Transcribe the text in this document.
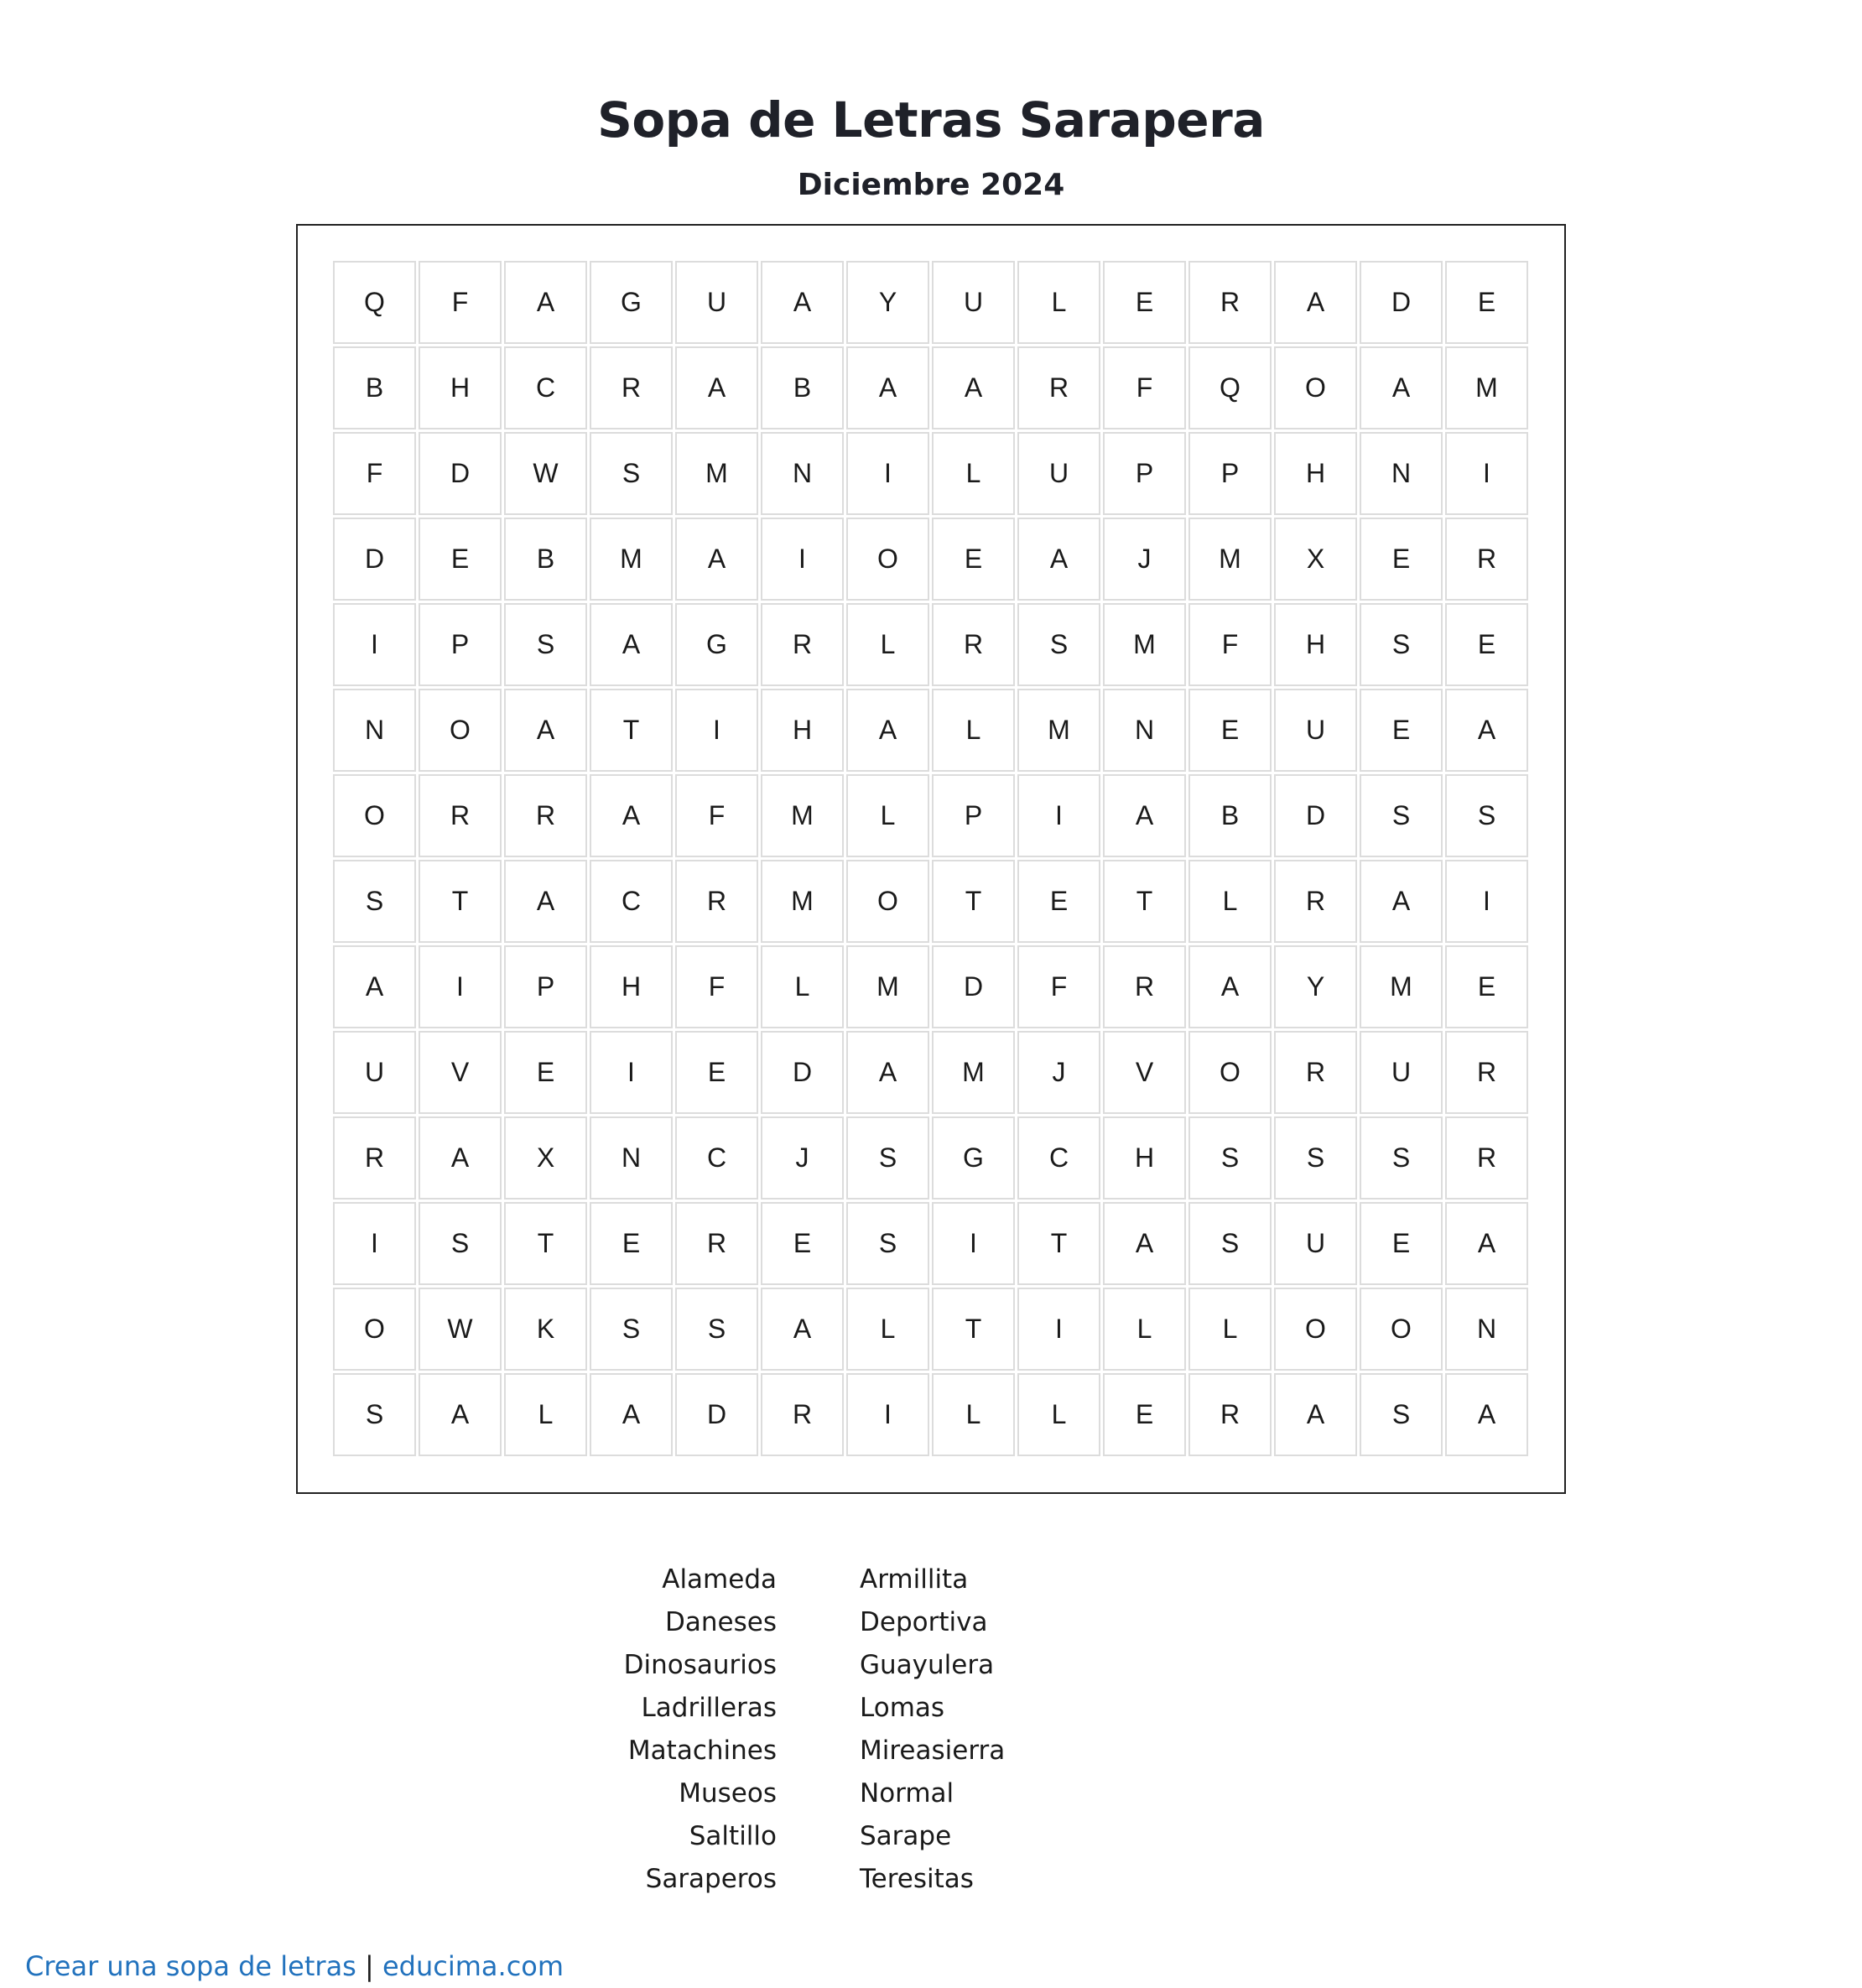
Sopa de Letras Sarapera
Diciembre 2024
Q	F	A	G	U	A	Y	U	L	E	R	A	D	E
B	H	C	R	A	B	A	A	R	F	Q	O	A	M
F	D	W	S	M	N	I	L	U	P	P	H	N	I
D	E	B	M	A	I	O	E	A	J	M	X	E	R
I	P	S	A	G	R	L	R	S	M	F	H	S	E
N	O	A	T	I	H	A	L	M	N	E	U	E	A
O	R	R	A	F	M	L	P	I	A	B	D	S	S
S	T	A	C	R	M	O	T	E	T	L	R	A	I
A	I	P	H	F	L	M	D	F	R	A	Y	M	E
U	V	E	I	E	D	A	M	J	V	O	R	U	R
R	A	X	N	C	J	S	G	C	H	S	S	S	R
I	S	T	E	R	E	S	I	T	A	S	U	E	A
O	W	K	S	S	A	L	T	I	L	L	O	O	N
S	A	L	A	D	R	I	L	L	E	R	A	S	A
Alameda
Daneses
Dinosaurios
Ladrilleras
Matachines
Museos
Saltillo
Saraperos
Armillita
Deportiva
Guayulera
Lomas
Mireasierra
Normal
Sarape
Teresitas
Crear una sopa de letras | educima.com
